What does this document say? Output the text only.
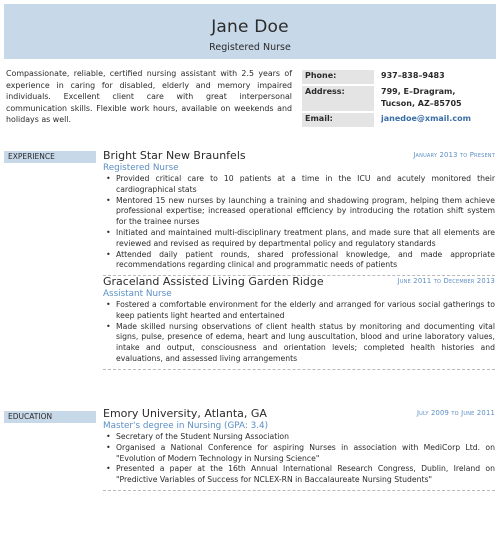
Jane Doe
Registered Nurse
Compassionate, reliable, certified nursing assistant with 2.5 years of experience in caring for disabled, elderly and memory impaired individuals. Excellent client care with great interpersonal communication skills. Flexible work hours, available on weekends and holidays as well.
Phone:	937–838–9483
Address:	799, E–Dragram,
Tucson, AZ–85705
Email:	janedoe@xmail.com
EXPERIENCE	January 2013 to Present
Bright Star New Braunfels
Registered Nurse
• Provided critical care to 10 patients at a time in the ICU and acutely monitored their cardiographical stats
• Mentored 15 new nurses by launching a training and shadowing program, helping them achieve professional expertise; increased operational efficiency by introducing the rotation shift system for the trainee nurses
• Initiated and maintained multi-disciplinary treatment plans, and made sure that all elements are reviewed and revised as required by departmental policy and regulatory standards
• Attended daily patient rounds, shared professional knowledge, and made appropriate recommendations regarding clinical and programmatic needs of patients
June 2011 to December 2013
Graceland Assisted Living Garden Ridge
Assistant Nurse
• Fostered a comfortable environment for the elderly and arranged for various social gatherings to keep patients light hearted and entertained
• Made skilled nursing observations of client health status by monitoring and documenting vital signs, pulse, presence of edema, heart and lung auscultation, blood and urine laboratory values, intake and output, consciousness and orientation levels; completed health histories and evaluations, and assessed living arrangements
EDUCATION	July 2009 to June 2011
Emory University, Atlanta, GA
Master's degree in Nursing (GPA: 3.4)
• Secretary of the Student Nursing Association
• Organised a National Conference for aspiring Nurses in association with MediCorp Ltd. on "Evolution of Modern Technology in Nursing Science"
• Presented a paper at the 16th Annual International Research Congress, Dublin, Ireland on "Predictive Variables of Success for NCLEX-RN in Baccalaureate Nursing Students"
